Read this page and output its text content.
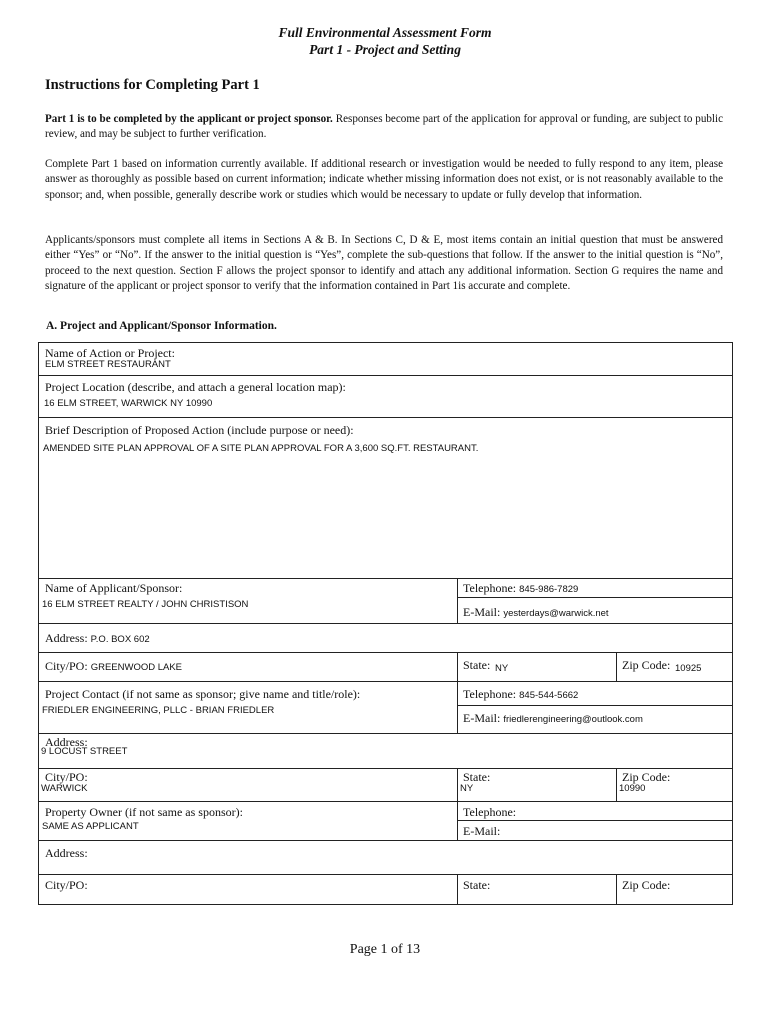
Full Environmental Assessment Form
Part 1 - Project and Setting
Instructions for Completing Part 1
Part 1 is to be completed by the applicant or project sponsor. Responses become part of the application for approval or funding, are subject to public review, and may be subject to further verification.
Complete Part 1 based on information currently available. If additional research or investigation would be needed to fully respond to any item, please answer as thoroughly as possible based on current information; indicate whether missing information does not exist, or is not reasonably available to the sponsor; and, when possible, generally describe work or studies which would be necessary to update or fully develop that information.
Applicants/sponsors must complete all items in Sections A & B. In Sections C, D & E, most items contain an initial question that must be answered either “Yes” or “No”. If the answer to the initial question is “Yes”, complete the sub-questions that follow. If the answer to the initial question is “No”, proceed to the next question. Section F allows the project sponsor to identify and attach any additional information. Section G requires the name and signature of the applicant or project sponsor to verify that the information contained in Part 1is accurate and complete.
A. Project and Applicant/Sponsor Information.
Name of Action or Project:
ELM STREET RESTAURANT
Project Location (describe, and attach a general location map):
16 ELM STREET, WARWICK NY 10990
Brief Description of Proposed Action (include purpose or need):
AMENDED SITE PLAN APPROVAL OF A SITE PLAN APPROVAL FOR A 3,600 SQ.FT. RESTAURANT.
Name of Applicant/Sponsor:
16 ELM STREET REALTY / JOHN CHRISTISON
Telephone: 845-986-7829
E-Mail: yesterdays@warwick.net
Address: P.O. BOX 602
City/PO: GREENWOOD LAKE	State: NY	Zip Code: 10925
Project Contact (if not same as sponsor; give name and title/role):
FRIEDLER ENGINEERING, PLLC - BRIAN FRIEDLER
Telephone: 845-544-5662
E-Mail: friedlerengineering@outlook.com
Address:
9 LOCUST STREET
City/PO:
WARWICK
State:
NY
Zip Code:
10990
Property Owner (if not same as sponsor):
SAME AS APPLICANT
Telephone:
E-Mail:
Address:
City/PO:	State:	Zip Code:
Page 1 of 13
